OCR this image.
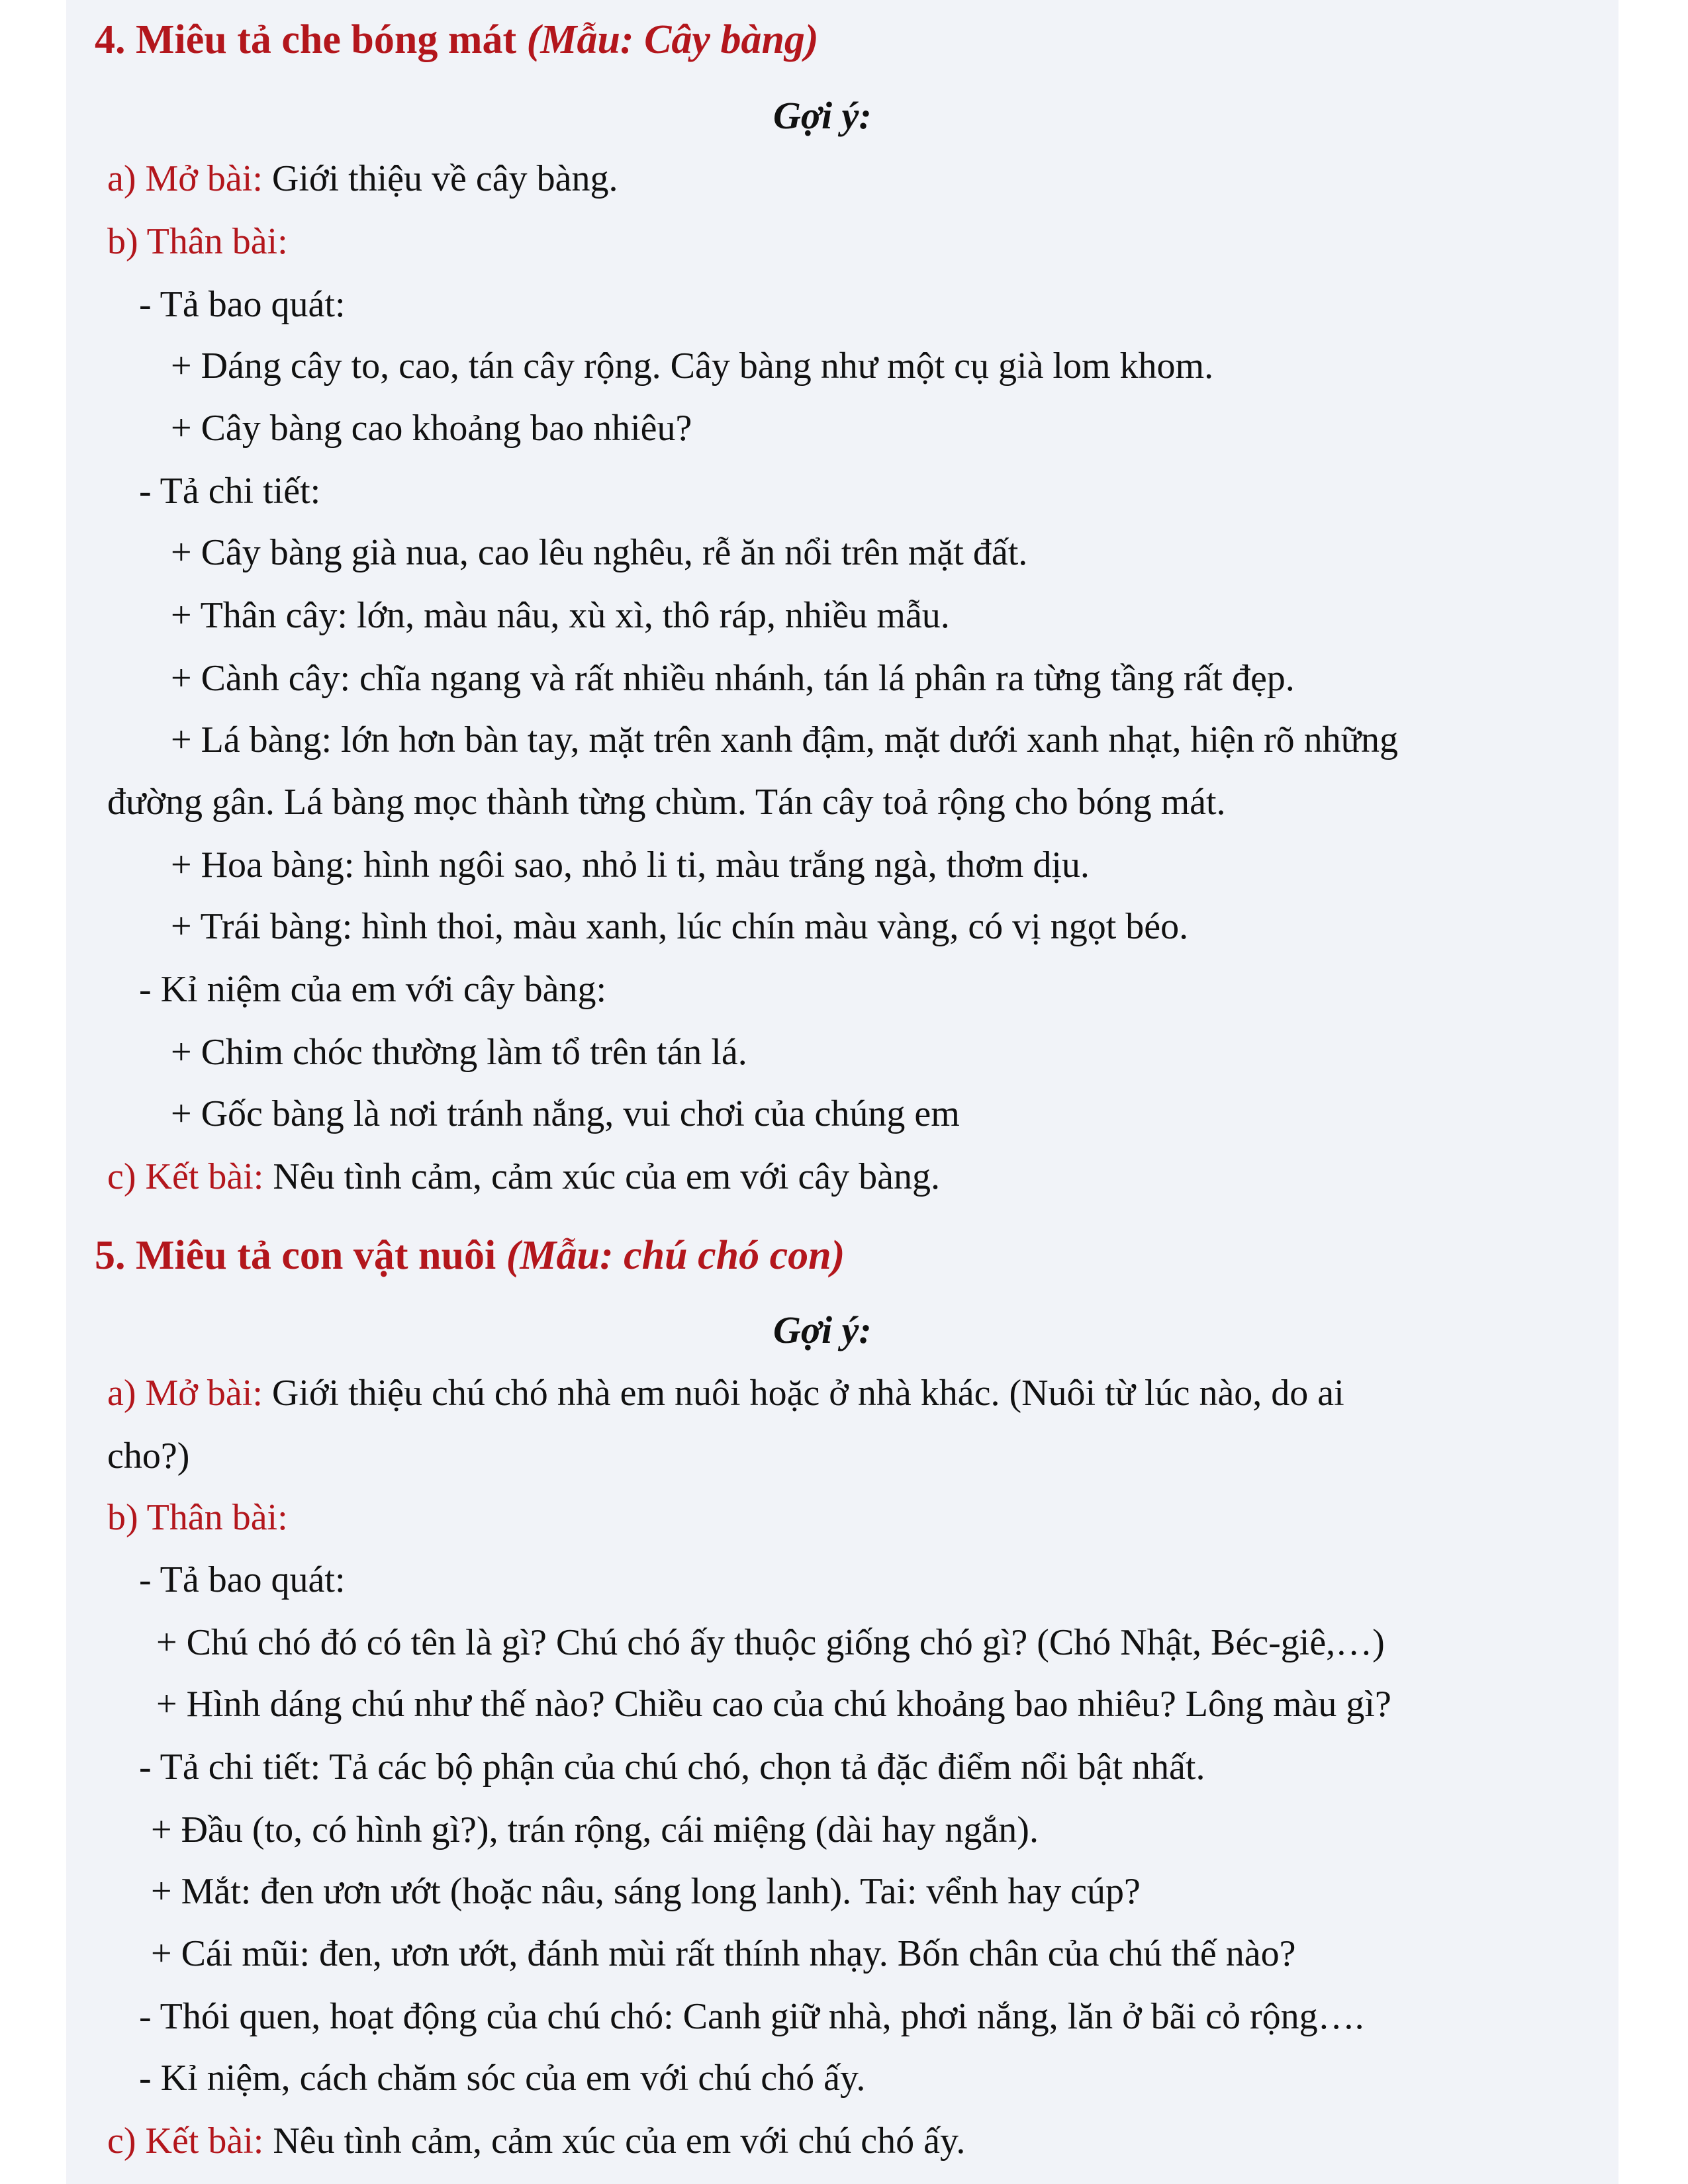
4. Miêu tả che bóng mát (Mẫu: Cây bàng)
Gợi ý:
a) Mở bài: Giới thiệu về cây bàng.
b) Thân bài:
- Tả bao quát:
+ Dáng cây to, cao, tán cây rộng. Cây bàng như một cụ già lom khom.
+ Cây bàng cao khoảng bao nhiêu?
- Tả chi tiết:
+ Cây bàng già nua, cao lêu nghêu, rễ ăn nổi trên mặt đất.
+ Thân cây: lớn, màu nâu, xù xì, thô ráp, nhiều mẫu.
+ Cành cây: chĩa ngang và rất nhiều nhánh, tán lá phân ra từng tầng rất đẹp.
+ Lá bàng: lớn hơn bàn tay, mặt trên xanh đậm, mặt dưới xanh nhạt, hiện rõ những
đường gân. Lá bàng mọc thành từng chùm. Tán cây toả rộng cho bóng mát.
+ Hoa bàng: hình ngôi sao, nhỏ li ti, màu trắng ngà, thơm dịu.
+ Trái bàng: hình thoi, màu xanh, lúc chín màu vàng, có vị ngọt béo.
- Kỉ niệm của em với cây bàng:
+ Chim chóc thường làm tổ trên tán lá.
+ Gốc bàng là nơi tránh nắng, vui chơi của chúng em
c) Kết bài: Nêu tình cảm, cảm xúc của em với cây bàng.
5. Miêu tả con vật nuôi (Mẫu: chú chó con)
Gợi ý:
a) Mở bài: Giới thiệu chú chó nhà em nuôi hoặc ở nhà khác. (Nuôi từ lúc nào, do ai
cho?)
b) Thân bài:
- Tả bao quát:
+ Chú chó đó có tên là gì? Chú chó ấy thuộc giống chó gì? (Chó Nhật, Béc-giê,…)
+ Hình dáng chú như thế nào? Chiều cao của chú khoảng bao nhiêu? Lông màu gì?
- Tả chi tiết: Tả các bộ phận của chú chó, chọn tả đặc điểm nổi bật nhất.
+ Đầu (to, có hình gì?), trán rộng, cái miệng (dài hay ngắn).
+ Mắt: đen ươn ướt (hoặc nâu, sáng long lanh). Tai: vểnh hay cúp?
+ Cái mũi: đen, ươn ướt, đánh mùi rất thính nhạy. Bốn chân của chú thế nào?
- Thói quen, hoạt động của chú chó: Canh giữ nhà, phơi nắng, lăn ở bãi cỏ rộng….
- Kỉ niệm, cách chăm sóc của em với chú chó ấy.
c) Kết bài: Nêu tình cảm, cảm xúc của em với chú chó ấy.
